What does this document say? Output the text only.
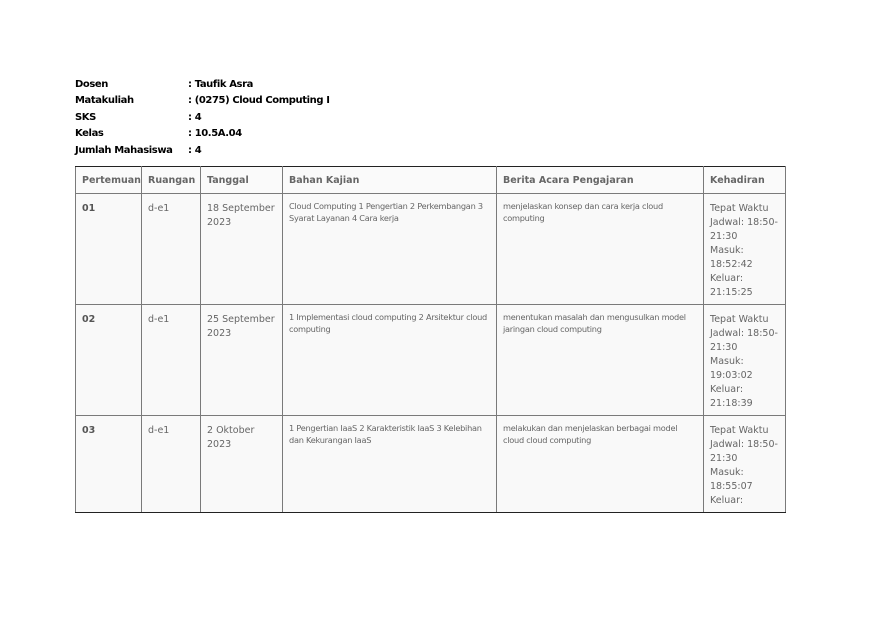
Dosen	: Taufik Asra
Matakuliah	: (0275) Cloud Computing I
SKS	: 4
Kelas	: 10.5A.04
Jumlah Mahasiswa	: 4
Pertemuan	Ruangan	Tanggal	Bahan Kajian	Berita Acara Pengajaran	Kehadiran
01	d-e1	18 September 2023	Cloud Computing 1 Pengertian 2 Perkembangan 3 Syarat Layanan 4 Cara kerja	menjelaskan konsep dan cara kerja cloud computing	Tepat Waktu
Jadwal: 18:50-21:30
Masuk: 18:52:42
Keluar: 21:15:25

02	d-e1	25 September 2023	1 Implementasi cloud computing 2 Arsitektur cloud computing	menentukan masalah dan mengusulkan model jaringan cloud computing	Tepat Waktu
Jadwal: 18:50-21:30
Masuk: 19:03:02
Keluar: 21:18:39

03	d-e1	2 Oktober 2023	1 Pengertian IaaS 2 Karakteristik IaaS 3 Kelebihan dan Kekurangan IaaS	melakukan dan menjelaskan berbagai model cloud cloud computing	Tepat Waktu
Jadwal: 18:50-21:30
Masuk: 18:55:07
Keluar:
